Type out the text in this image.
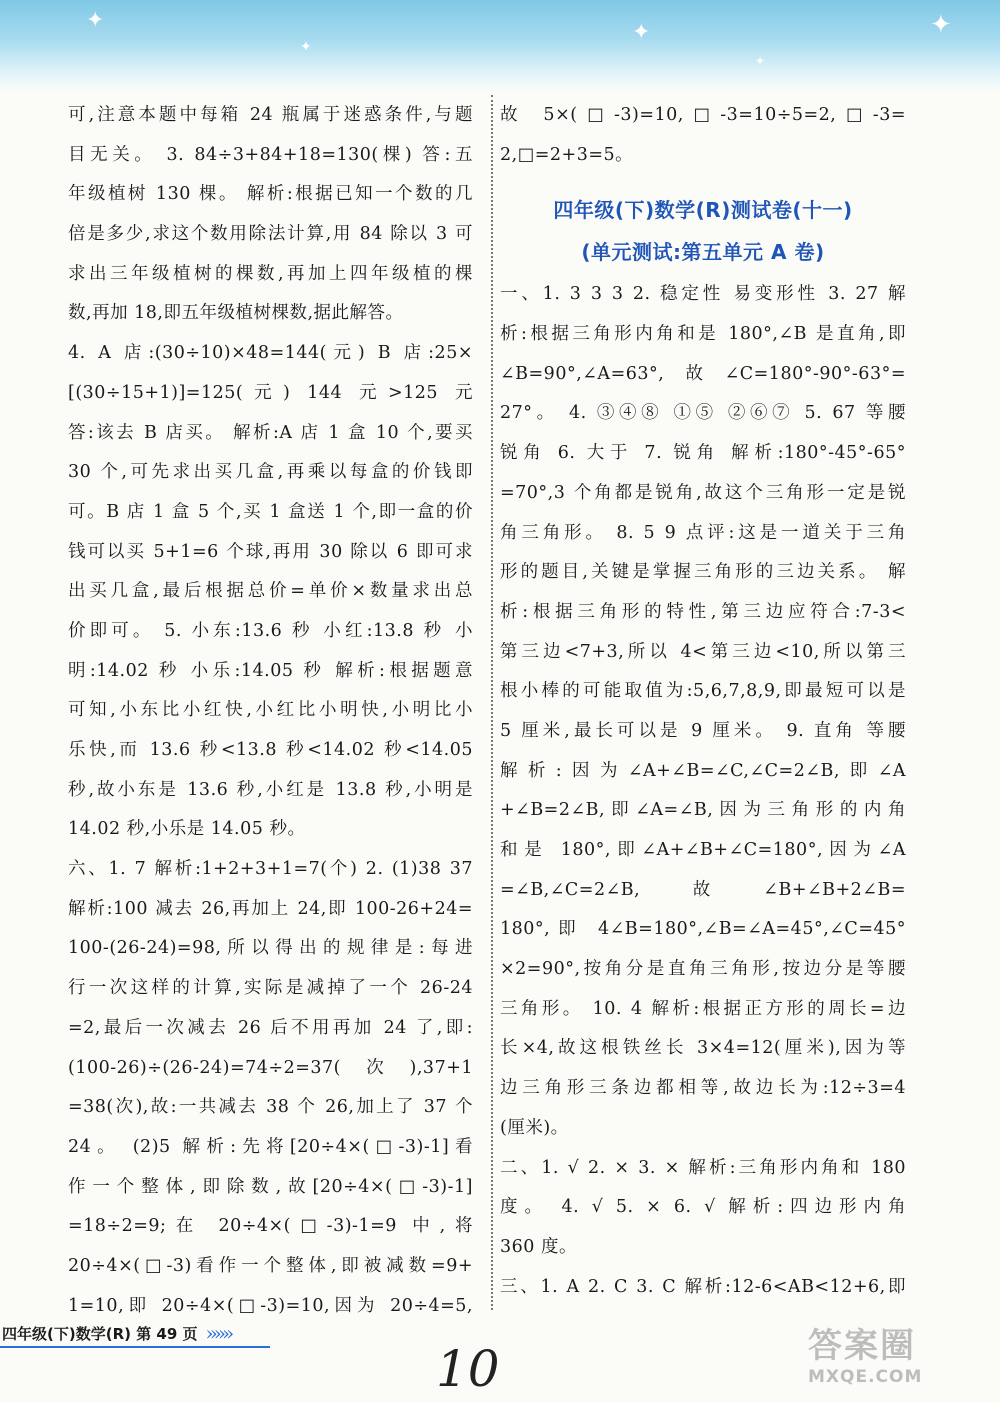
✦
✦
✦	✦
✦
可,注意本题中每箱 24 瓶属于迷惑条件,与题
目无关。 3. 84÷3+84+18=130(棵) 答:五
年级植树 130 棵。 解析:根据已知一个数的几
倍是多少,求这个数用除法计算,用 84 除以 3 可
求出三年级植树的棵数,再加上四年级植的棵
数,再加 18,即五年级植树棵数,据此解答。
4. A 店:(30÷10)×48=144(元) B 店:25×
[(30÷15+1)]=125(元) 144 元>125 元
答:该去 B 店买。 解析:A 店 1 盒 10 个,要买
30 个,可先求出买几盒,再乘以每盒的价钱即
可。B 店 1 盒 5 个,买 1 盒送 1 个,即一盒的价
钱可以买 5+1=6 个球,再用 30 除以 6 即可求
出买几盒,最后根据总价=单价×数量求出总
价即可。 5. 小东:13.6 秒 小红:13.8 秒 小
明:14.02 秒 小乐:14.05 秒 解析:根据题意
可知,小东比小红快,小红比小明快,小明比小
乐快,而 13.6 秒<13.8 秒<14.02 秒<14.05
秒,故小东是 13.6 秒,小红是 13.8 秒,小明是
14.02 秒,小乐是 14.05 秒。
六、1. 7 解析:1+2+3+1=7(个) 2. (1)38 37
解析:100 减去 26,再加上 24,即 100-26+24=
100-(26-24)=98,所以得出的规律是:每进
行一次这样的计算,实际是减掉了一个 26-24
=2,最后一次减去 26 后不用再加 24 了,即:
(100-26)÷(26-24)=74÷2=37(次),37+1
=38(次),故:一共减去 38 个 26,加上了 37 个
24。 (2)5 解析:先将[20÷4×(□-3)-1]看
作一个整体,即除数,故[20÷4×(□-3)-1]
=18÷2=9;在 20÷4×(□-3)-1=9 中,将
20÷4×(□-3)看作一个整体,即被减数=9+
1=10,即 20÷4×(□-3)=10,因为 20÷4=5,
故 5×(□-3)=10,□-3=10÷5=2,□-3=
2,□=2+3=5。
四年级(下)数学(R)测试卷(十一)
(单元测试:第五单元 A 卷)
一、1. 3 3 3 2. 稳定性 易变形性 3. 27 解
析:根据三角形内角和是 180°,∠B 是直角,即
∠B=90°,∠A=63°,故∠C=180°-90°-63°=
27°。 4. ③④⑧ ①⑤ ②⑥⑦ 5. 67 等腰
锐角 6. 大于 7. 锐角 解析:180°-45°-65°
=70°,3 个角都是锐角,故这个三角形一定是锐
角三角形。 8. 5 9 点评:这是一道关于三角
形的题目,关键是掌握三角形的三边关系。 解
析:根据三角形的特性,第三边应符合:7-3<
第三边<7+3,所以 4<第三边<10,所以第三
根小棒的可能取值为:5,6,7,8,9,即最短可以是
5 厘米,最长可以是 9 厘米。 9. 直角 等腰
解析:因为∠A+∠B=∠C,∠C=2∠B,即∠A
+∠B=2∠B,即∠A=∠B,因为三角形的内角
和是 180°,即∠A+∠B+∠C=180°,因为∠A
=∠B,∠C=2∠B,故∠B+∠B+2∠B=
180°,即 4∠B=180°,∠B=∠A=45°,∠C=45°
×2=90°,按角分是直角三角形,按边分是等腰
三角形。 10. 4 解析:根据正方形的周长=边
长×4,故这根铁丝长 3×4=12(厘米),因为等
边三角形三条边都相等,故边长为:12÷3=4
(厘米)。
二、1. √ 2. × 3. × 解析:三角形内角和 180
度。 4. √ 5. × 6. √ 解析:四边形内角
360 度。
三、1. A 2. C 3. C 解析:12-6<AB<12+6,即
四年级(下)数学(R) 第 49 页 »»»
10	答案圈
MXQE.COM
